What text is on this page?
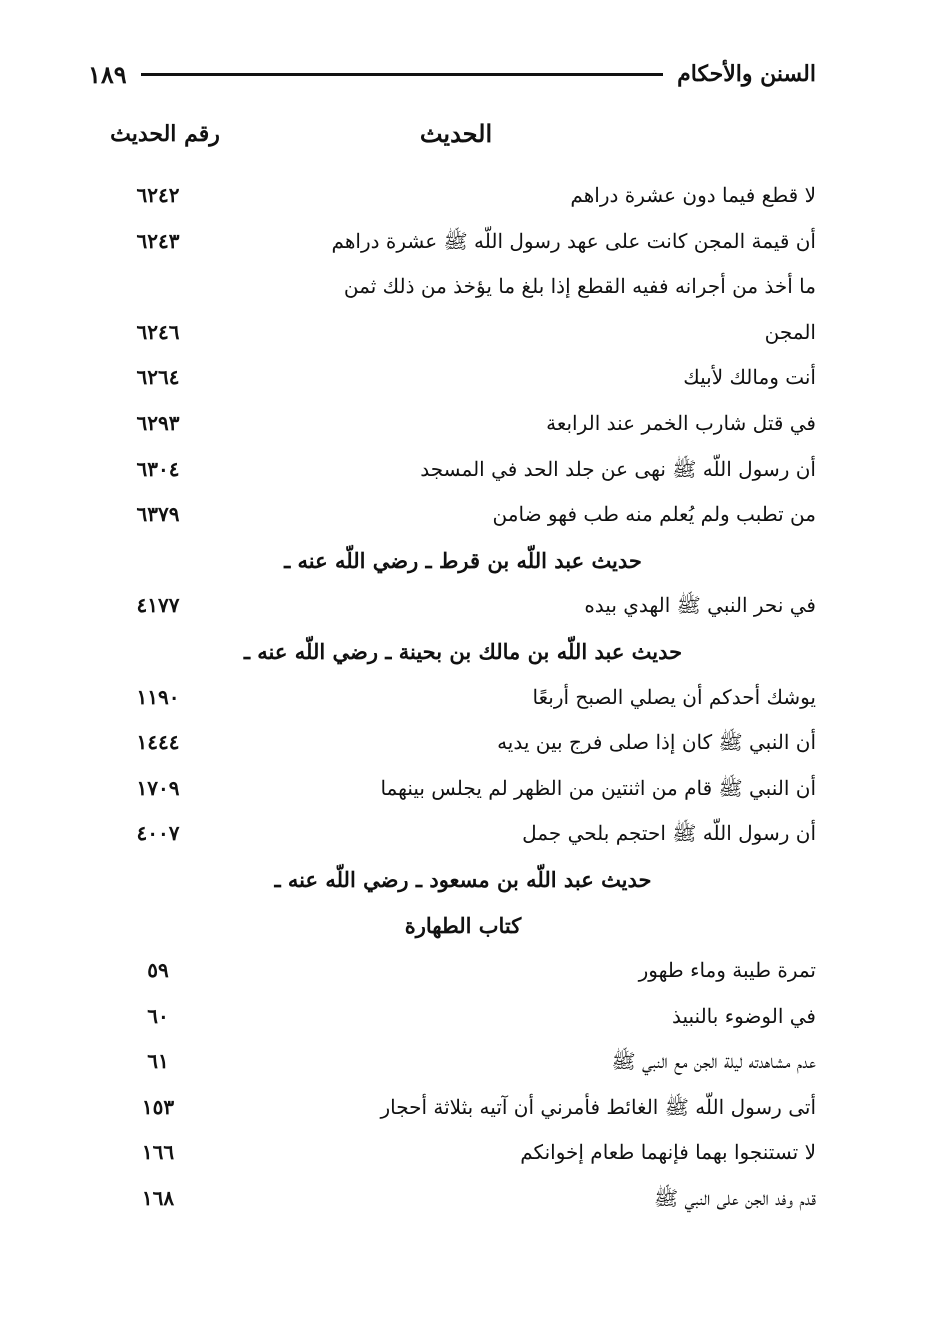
السنن والأحكام
١٨٩
الحديث
رقم الحديث
لا قطع فيما دون عشرة دراهم
٦٢٤٢
أن قيمة المجن كانت على عهد رسول اللّه ﷺ عشرة دراهم
٦٢٤٣
ما أخذ من أجرانه ففيه القطع إذا بلغ ما يؤخذ من ذلك ثمن
المجن
٦٢٤٦
أنت ومالك لأبيك
٦٢٦٤
في قتل شارب الخمر عند الرابعة
٦٢٩٣
أن رسول اللّه ﷺ نهى عن جلد الحد في المسجد
٦٣٠٤
من تطبب ولم يُعلم منه طب فهو ضامن
٦٣٧٩
حديث عبد اللّه بن قرط ـ رضي اللّه عنه ـ
في نحر النبي ﷺ الهدي بيده
٤١٧٧
حديث عبد اللّه بن مالك بن بحينة ـ رضي اللّه عنه ـ
يوشك أحدكم أن يصلي الصبح أربعًا
١١٩٠
أن النبي ﷺ كان إذا صلى فرج بين يديه
١٤٤٤
أن النبي ﷺ قام من اثنتين من الظهر لم يجلس بينهما
١٧٠٩
أن رسول اللّه ﷺ احتجم بلحي جمل
٤٠٠٧
حديث عبد اللّه بن مسعود ـ رضي اللّه عنه ـ
كتاب الطهارة
تمرة طيبة وماء طهور
٥٩
في الوضوء بالنبيذ
٦٠
عدم مشاهدته ليلة الجن مع النبي ﷺ
٦١
أتى رسول اللّه ﷺ الغائط فأمرني أن آتيه بثلاثة أحجار
١٥٣
لا تستنجوا بهما فإنهما طعام إخوانكم
١٦٦
قدم وفد الجن على النبي ﷺ
١٦٨
